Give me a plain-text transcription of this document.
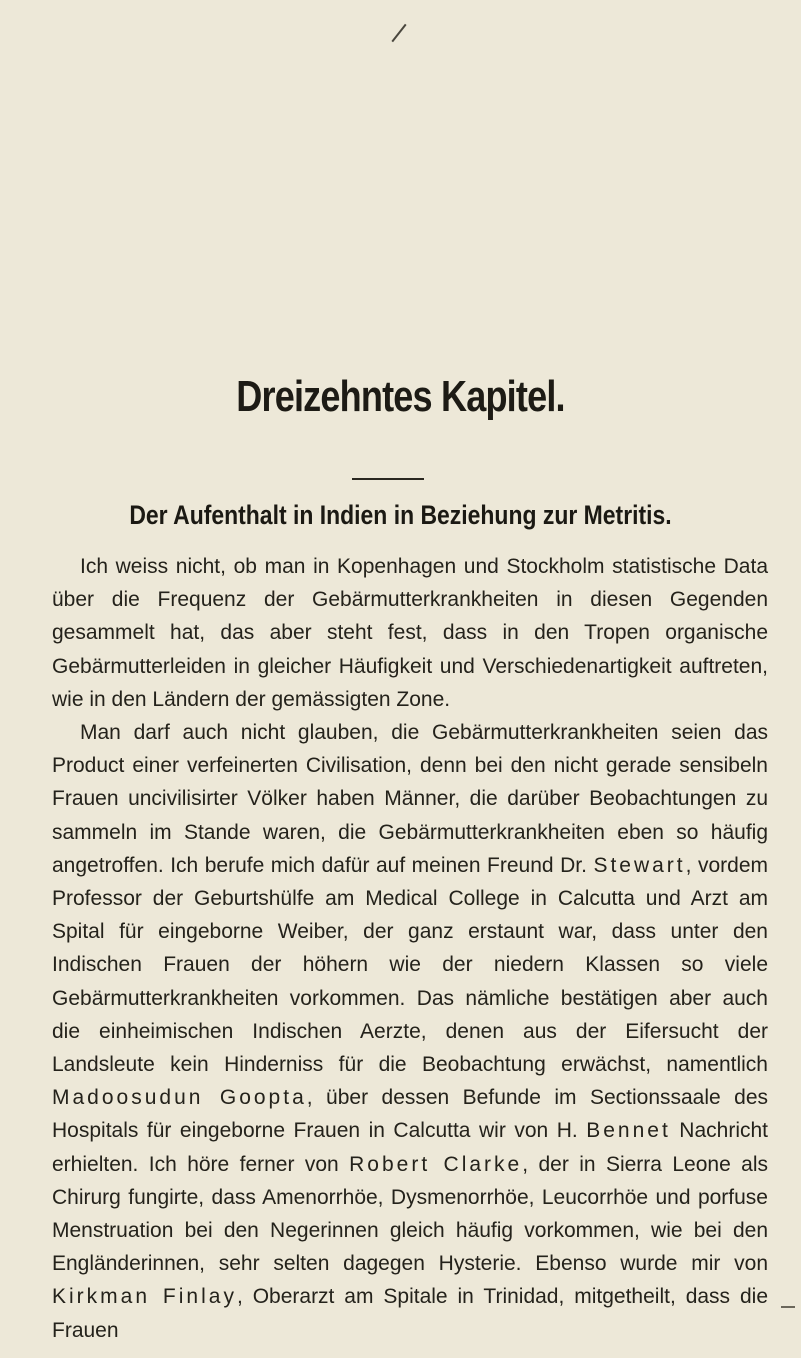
Dreizehntes Kapitel.
Der Aufenthalt in Indien in Beziehung zur Metritis.

Ich weiss nicht, ob man in Kopenhagen und Stockholm statistische Data über die Frequenz der Gebärmutterkrankheiten in diesen Gegenden gesammelt hat, das aber steht fest, dass in den Tropen organische Gebärmutterleiden in gleicher Häufigkeit und Verschiedenartigkeit auftreten, wie in den Ländern der gemässigten Zone.

Man darf auch nicht glauben, die Gebärmutterkrankheiten seien das Product einer verfeinerten Civilisation, denn bei den nicht gerade sensibeln Frauen uncivilisirter Völker haben Männer, die darüber Beobachtungen zu sammeln im Stande waren, die Gebärmutterkrankheiten eben so häufig angetroffen. Ich berufe mich dafür auf meinen Freund Dr. Stewart, vordem Professor der Geburtshülfe am Medical College in Calcutta und Arzt am Spital für eingeborne Weiber, der ganz erstaunt war, dass unter den Indischen Frauen der höhern wie der niedern Klassen so viele Gebärmutterkrankheiten vorkommen. Das nämliche bestätigen aber auch die einheimischen Indischen Aerzte, denen aus der Eifersucht der Landsleute kein Hinderniss für die Beobachtung erwächst, namentlich Madoosudun Goopta, über dessen Befunde im Sectionssaale des Hospitals für eingeborne Frauen in Calcutta wir von H. Bennet Nachricht erhielten. Ich höre ferner von Robert Clarke, der in Sierra Leone als Chirurg fungirte, dass Amenorrhöe, Dysmenorrhöe, Leucorrhöe und porfuse Menstruation bei den Negerinnen gleich häufig vorkommen, wie bei den Engländerinnen, sehr selten dagegen Hysterie. Ebenso wurde mir von Kirkman Finlay, Oberarzt am Spitale in Trinidad, mitgetheilt, dass die Frauen
